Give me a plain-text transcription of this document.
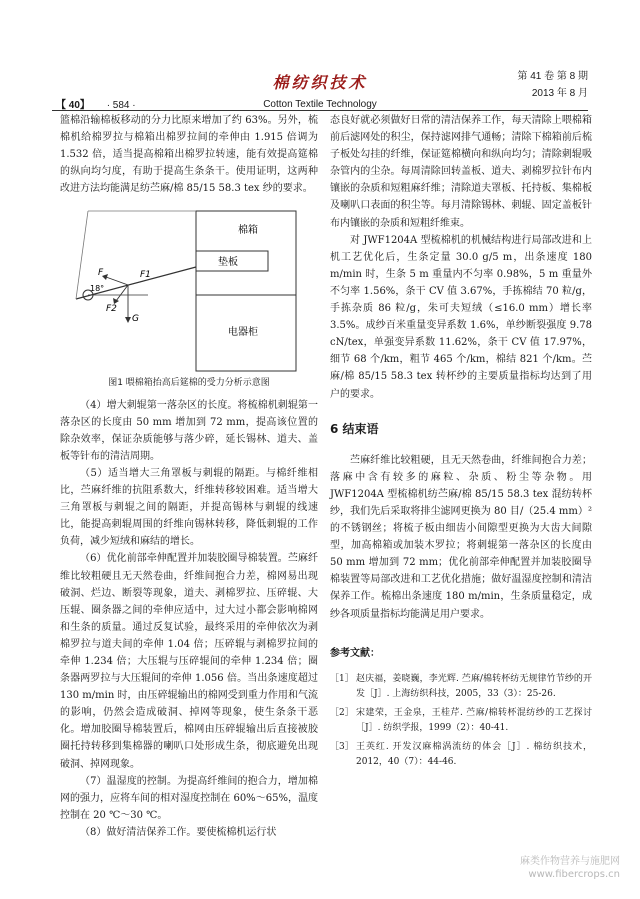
【 40】 · 584 ·
棉纺织技术
Cotton Textile Technology
第 41 卷 第 8 期
2013 年 8 月

篮棉沿输棉板移动的分力比原来增加了约 63%。另外，梳棉机给棉罗拉与棉箱出棉罗拉间的牵伸由 1.915 倍调为 1.532 倍，适当提高棉箱出棉罗拉转速，能有效提高筵棉的纵向均匀度，有助于提高生条条干。使用证明，这两种改进方法均能满足纺苎麻/棉 85/15 58.3 tex 纱的要求。

棉箱
垫板
电器柜
F	F1
F2
G
18°
图1 喂棉箱抬高后筵棉的受力分析示意图

（4）增大刺辊第一落杂区的长度。将梳棉机刺辊第一落杂区的长度由 50 mm 增加到 72 mm，提高该位置的除杂效率，保证杂质能够与落少碎，延长锡林、道夫、盖板等针布的清洁周期。

（5）适当增大三角罩板与刺辊的隔距。与棉纤维相比，苎麻纤维的抗阻系数大，纤维转移较困难。适当增大三角罩板与刺辊之间的隔距，并提高锡林与刺辊的线速比，能提高刺辊周围的纤维向锡林转移，降低刺辊的工作负荷，减少短绒和麻结的增长。

（6）优化前部牵伸配置并加装胶圈导棉装置。苎麻纤维比较粗硬且无天然卷曲，纤维间抱合力差，棉网易出现破洞、烂边、断裂等现象，道夫、剥棉罗拉、压碎辊、大压辊、圈条器之间的牵伸应适中，过大过小都会影响棉网和生条的质量。通过反复试验，最终采用的牵伸依次为剥棉罗拉与道夫间的牵伸 1.04 倍；压碎辊与剥棉罗拉间的牵伸 1.234 倍；大压辊与压碎辊间的牵伸 1.234 倍；圈条器两罗拉与大压辊间的牵伸 1.056 倍。当出条速度超过 130 m/min 时，由压碎辊输出的棉网受到重力作用和气流的影响，仍然会造成破洞、掉网等现象，使生条条干恶化。增加胶圈导棉装置后，棉网由压碎辊输出后直接被胶圈托持转移到集棉器的喇叭口处形成生条，彻底避免出现破洞、掉网现象。

（7）温湿度的控制。为提高纤维间的抱合力，增加棉网的强力，应将车间的相对湿度控制在 60%～65%，温度控制在 20 ℃～30 ℃。

（8）做好清洁保养工作。要使梳棉机运行状

态良好就必须做好日常的清洁保养工作，每天清除上喂棉箱前后滤网处的积尘，保持滤网排气通畅；清除下棉箱前后梳子板处勾挂的纤维，保证筵棉横向和纵向均匀；清除刺辊吸杂管内的尘杂。每周清除回转盖板、道夫、剥棉罗拉针布内镶嵌的杂质和短粗麻纤维；清除道夫罩板、托持板、集棉板及喇叭口表面的积尘等。每月清除锡林、刺辊、固定盖板针布内镶嵌的杂质和短粗纤维束。

对 JWF1204A 型梳棉机的机械结构进行局部改进和上机工艺优化后，生条定量 30.0 g/5 m，出条速度 180 m/min 时，生条 5 m 重量内不匀率 0.98%，5 m 重量外不匀率 1.56%，条干 CV 值 3.67%，手拣棉结 70 粒/g，手拣杂质 86 粒/g，朱可夫短绒（≤16.0 mm）增长率 3.5%。成纱百米重量变异系数 1.6%，单纱断裂强度 9.78 cN/tex，单强变异系数 11.62%，条干 CV 值 17.97%，细节 68 个/km，粗节 465 个/km，棉结 821 个/km。苎麻/棉 85/15 58.3 tex 转杯纱的主要质量指标均达到了用户的要求。

6 结束语

苎麻纤维比较粗硬，且无天然卷曲，纤维间抱合力差；落麻中含有较多的麻粒、杂质、粉尘等杂物。用 JWF1204A 型梳棉机纺苎麻/棉 85/15 58.3 tex 混纺转杯纱，我们先后采取将排尘滤网更换为 80 目/（25.4 mm）² 的不锈钢丝；将梳子板由细齿小间隙型更换为大齿大间隙型，加高棉箱或加装木罗拉；将刺辊第一落杂区的长度由 50 mm 增加到 72 mm；优化前部牵伸配置并加装胶圈导棉装置等局部改进和工艺优化措施；做好温湿度控制和清洁保养工作。梳棉出条速度 180 m/min，生条质量稳定，成纱各项质量指标均能满足用户要求。

参考文献：
［1］ 赵庆福，姜晓巍，李光辉. 苎麻/棉转杯纺无规律竹节纱的开发［J］. 上海纺织科技，2005，33（3）：25-26.
［2］ 宋建荣，王金泉，王桂芹. 苎麻/棉转杯混纺纱的工艺探讨［J］. 纺织学报，1999（2）：40-41.
［3］ 王英红. 开发汉麻棉涡流纺的体会［J］. 棉纺织技术，2012，40（7）：44-46.
麻类作物营养与施肥网
www.fibercrops.cn
